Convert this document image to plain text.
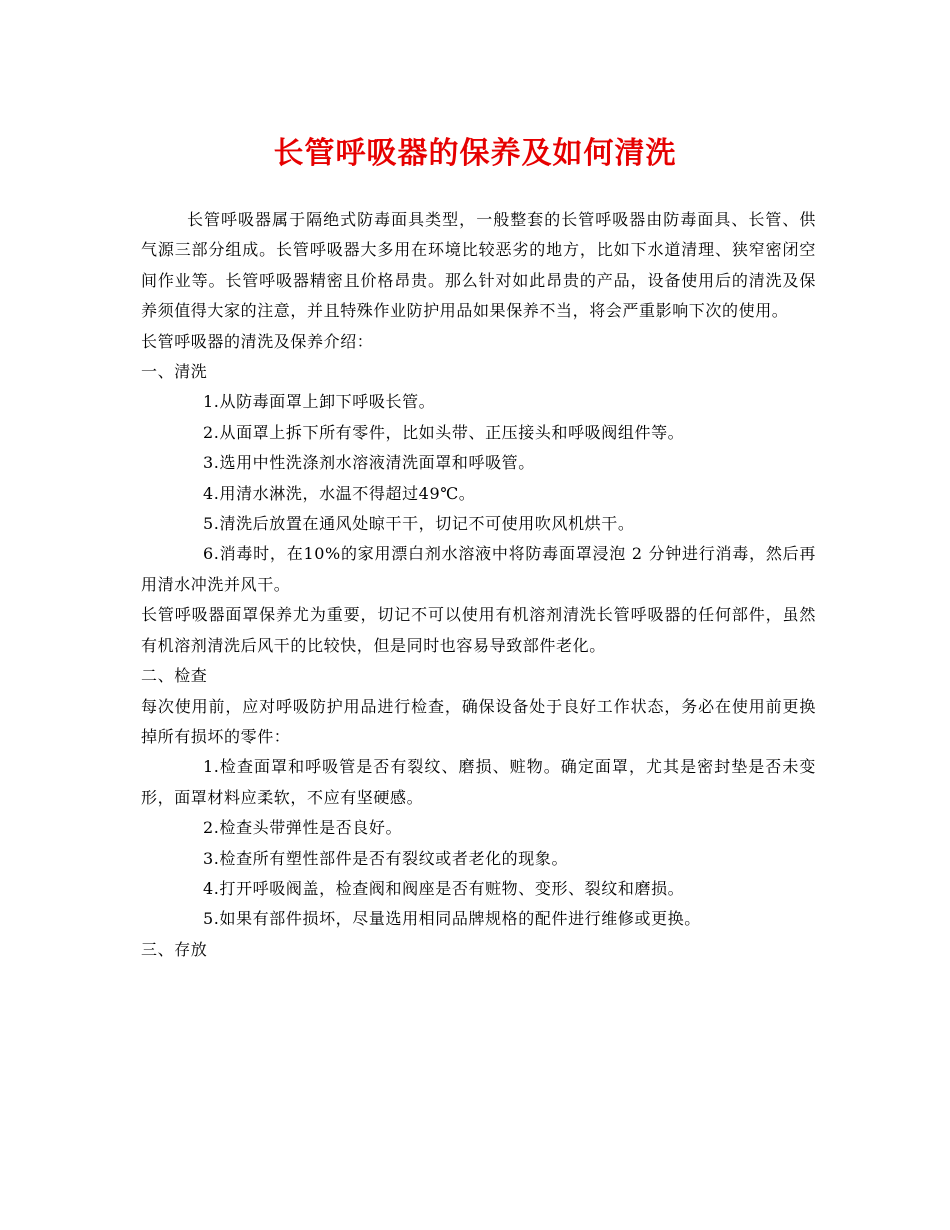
长管呼吸器的保养及如何清洗

长管呼吸器属于隔绝式防毒面具类型，一般整套的长管呼吸器由防毒面具、长管、供气源三部分组成。长管呼吸器大多用在环境比较恶劣的地方，比如下水道清理、狭窄密闭空间作业等。长管呼吸器精密且价格昂贵。那么针对如此昂贵的产品，设备使用后的清洗及保养须值得大家的注意，并且特殊作业防护用品如果保养不当，将会严重影响下次的使用。

长管呼吸器的清洗及保养介绍：

一、清洗

1.从防毒面罩上卸下呼吸长管。

2.从面罩上拆下所有零件，比如头带、正压接头和呼吸阀组件等。

3.选用中性洗涤剂水溶液清洗面罩和呼吸管。

4.用清水淋洗，水温不得超过49℃。

5.清洗后放置在通风处晾干干，切记不可使用吹风机烘干。

6.消毒时，在10%的家用漂白剂水溶液中将防毒面罩浸泡 2 分钟进行消毒，然后再用清水冲洗并风干。

长管呼吸器面罩保养尤为重要，切记不可以使用有机溶剂清洗长管呼吸器的任何部件，虽然有机溶剂清洗后风干的比较快，但是同时也容易导致部件老化。

二、检查

每次使用前，应对呼吸防护用品进行检查，确保设备处于良好工作状态，务必在使用前更换掉所有损坏的零件：

1.检查面罩和呼吸管是否有裂纹、磨损、赃物。确定面罩，尤其是密封垫是否未变形，面罩材料应柔软，不应有坚硬感。

2.检查头带弹性是否良好。

3.检查所有塑性部件是否有裂纹或者老化的现象。

4.打开呼吸阀盖，检查阀和阀座是否有赃物、变形、裂纹和磨损。

5.如果有部件损坏，尽量选用相同品牌规格的配件进行维修或更换。

三、存放
